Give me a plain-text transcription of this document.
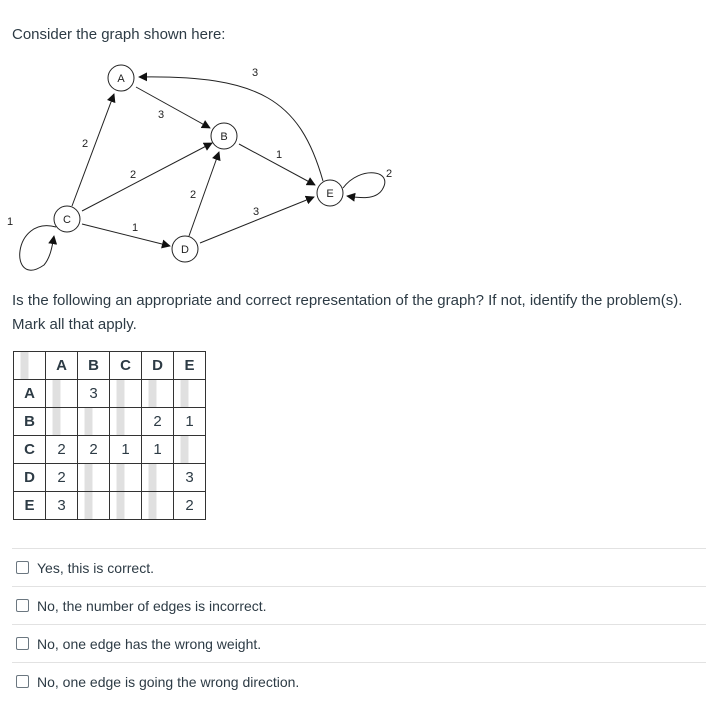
Consider the graph shown here:

A
B
C
D
E
2
2
1
1
3
3
1
2
3
2

Is the following an appropriate and correct representation of the graph? If not, identify the problem(s). Mark all that apply.

	A	B	C	D	E
A		3			
B				2	1
C	2	2	1	1	
D	2				3
E	3				2
Yes, this is correct.
No, the number of edges is incorrect.
No, one edge has the wrong weight.
No, one edge is going the wrong direction.
